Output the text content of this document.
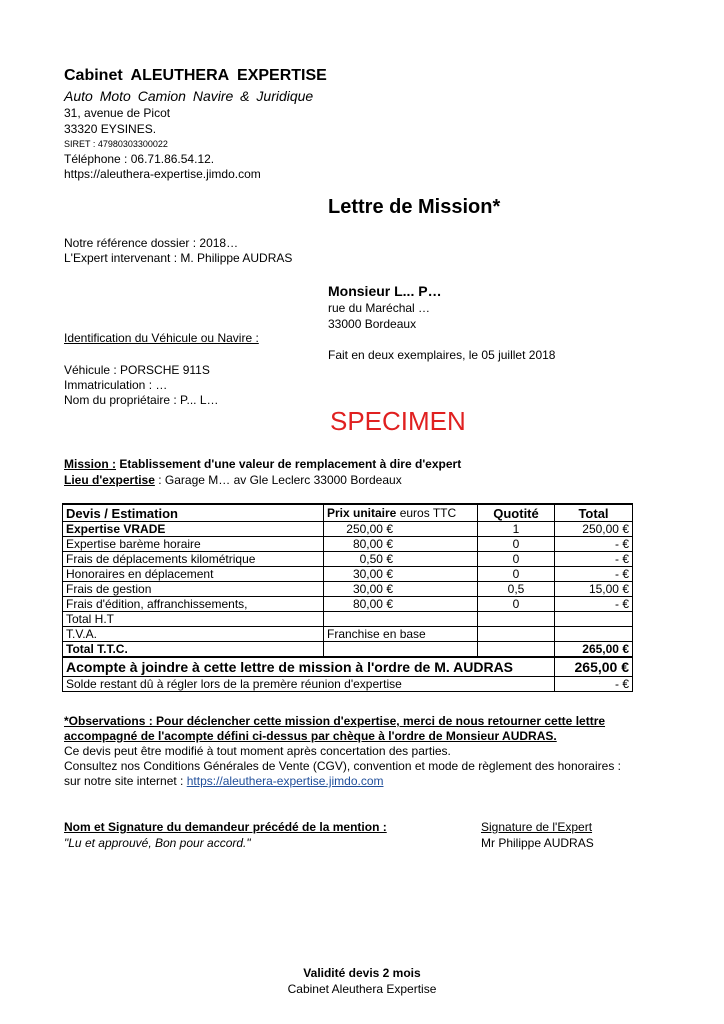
Cabinet ALEUTHERA EXPERTISE
Auto Moto Camion Navire & Juridique
31, avenue de Picot
33320 EYSINES.
SIRET : 47980303300022
Téléphone : 06.71.86.54.12.
https://aleuthera-expertise.jimdo.com
Lettre de Mission*
Notre référence dossier : 2018…
L'Expert intervenant : M. Philippe AUDRAS
Monsieur L... P…
rue du Maréchal …
33000 Bordeaux
Identification du Véhicule ou Navire :
Fait en deux exemplaires, le 05 juillet 2018
Véhicule : PORSCHE 911S
Immatriculation : …
Nom du propriétaire : P... L…
SPECIMEN
Mission : Etablissement d'une valeur de remplacement à dire d'expert
Lieu d'expertise : Garage M… av Gle Leclerc 33000 Bordeaux
Devis / Estimation	Prix unitaire euros TTC	Quotité	Total
Expertise VRADE	250,00 €	1	250,00 €
Expertise barème horaire	80,00 €	0	- €
Frais de déplacements kilométrique	0,50 €	0	- €
Honoraires en déplacement	30,00 €	0	- €
Frais de gestion	30,00 €	0,5	15,00 €
Frais d'édition, affranchissements,	80,00 €	0	- €
Total H.T			
T.V.A.	Franchise en base		
Total T.T.C.			265,00 €
Acompte à joindre à cette lettre de mission à l'ordre de M. AUDRAS			265,00 €
Solde restant dû à régler lors de la premère réunion d'expertise			- €
*Observations : Pour déclencher cette mission d'expertise, merci de nous retourner cette lettre
accompagné de l'acompte défini ci-dessus par chèque à l'ordre de Monsieur AUDRAS.
Ce devis peut être modifié à tout moment après concertation des parties.
Consultez nos Conditions Générales de Vente (CGV), convention et mode de règlement des honoraires :
sur notre site internet : https://aleuthera-expertise.jimdo.com
Nom et Signature du demandeur précédé de la mention :
"Lu et approuvé, Bon pour accord."
Signature de l'Expert
Mr Philippe AUDRAS
Validité devis 2 mois
Cabinet Aleuthera Expertise
